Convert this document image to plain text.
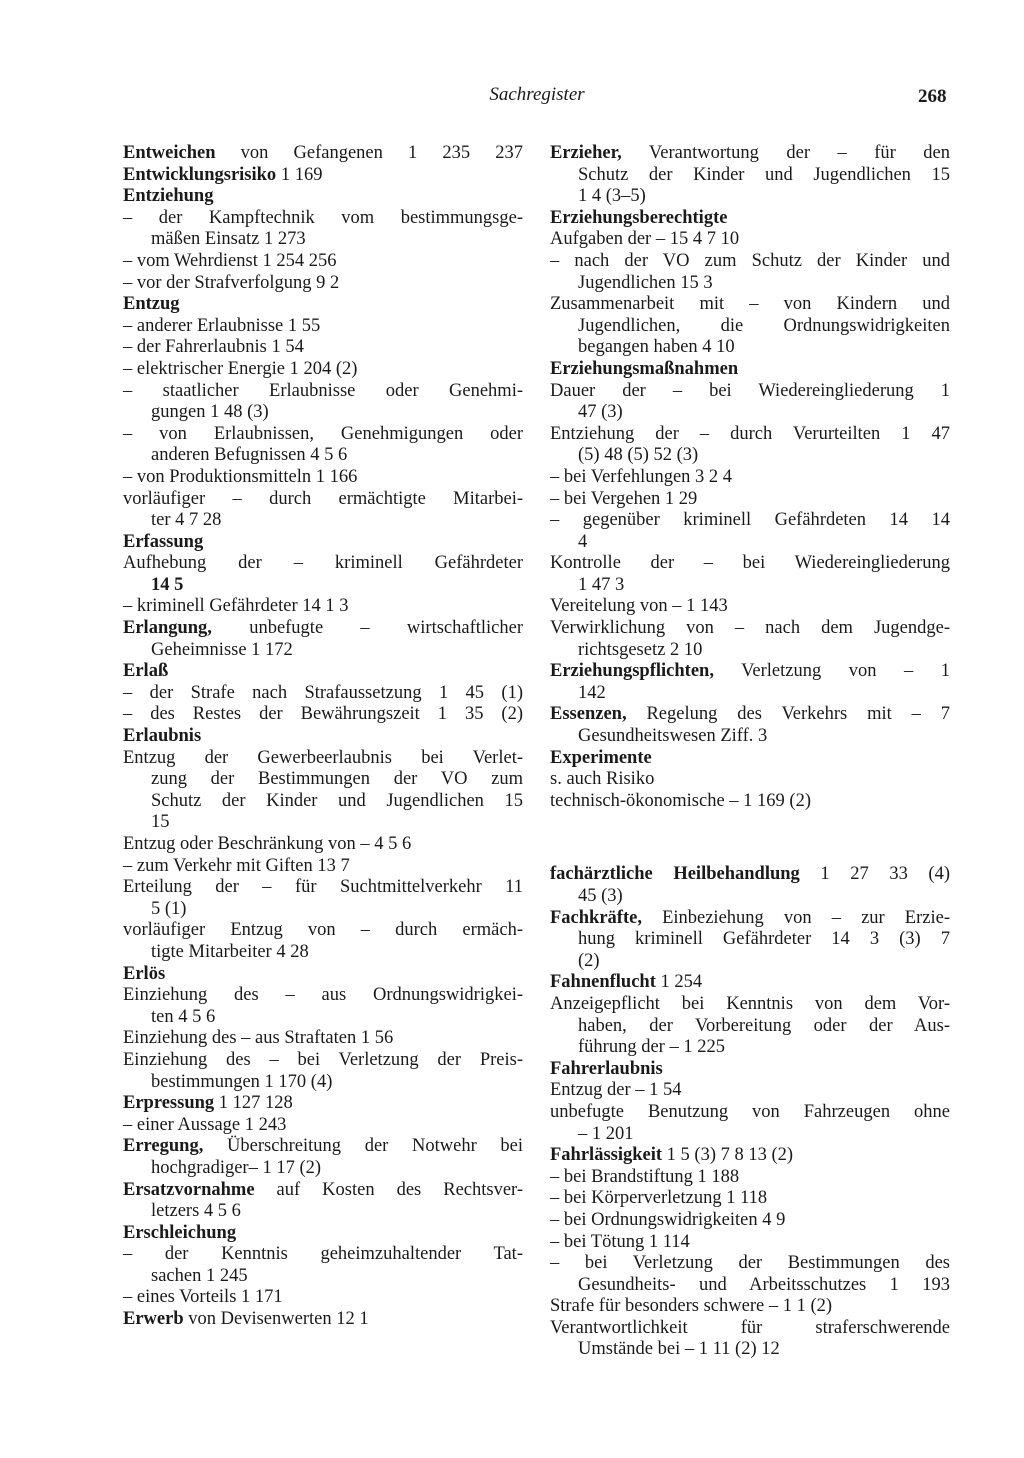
Sachregister	268
Entweichen von Gefangenen 1 235 237
Entwicklungsrisiko 1 169
Entziehung
– der Kampftechnik vom bestimmungsge-
mäßen Einsatz 1 273
– vom Wehrdienst 1 254 256
– vor der Strafverfolgung 9 2
Entzug
– anderer Erlaubnisse 1 55
– der Fahrerlaubnis 1 54
– elektrischer Energie 1 204 (2)
– staatlicher Erlaubnisse oder Genehmi-
gungen 1 48 (3)
– von Erlaubnissen, Genehmigungen oder
anderen Befugnissen 4 5 6
– von Produktionsmitteln 1 166
vorläufiger – durch ermächtigte Mitarbei-
ter 4 7 28
Erfassung
Aufhebung der – kriminell Gefährdeter
14 5
– kriminell Gefährdeter 14 1 3
Erlangung, unbefugte – wirtschaftlicher
Geheimnisse 1 172
Erlaß
– der Strafe nach Strafaussetzung 1 45 (1)
– des Restes der Bewährungszeit 1 35 (2)
Erlaubnis
Entzug der Gewerbeerlaubnis bei Verlet-
zung der Bestimmungen der VO zum
Schutz der Kinder und Jugendlichen 15
15
Entzug oder Beschränkung von – 4 5 6
– zum Verkehr mit Giften 13 7
Erteilung der – für Suchtmittelverkehr 11
5 (1)
vorläufiger Entzug von – durch ermäch-
tigte Mitarbeiter 4 28
Erlös
Einziehung des – aus Ordnungswidrigkei-
ten 4 5 6
Einziehung des – aus Straftaten 1 56
Einziehung des – bei Verletzung der Preis-
bestimmungen 1 170 (4)
Erpressung 1 127 128
– einer Aussage 1 243
Erregung, Überschreitung der Notwehr bei
hochgradiger– 1 17 (2)
Ersatzvornahme auf Kosten des Rechtsver-
letzers 4 5 6
Erschleichung
– der Kenntnis geheimzuhaltender Tat-
sachen 1 245
– eines Vorteils 1 171
Erwerb von Devisenwerten 12 1
Erzieher, Verantwortung der – für den
Schutz der Kinder und Jugendlichen 15
1 4 (3–5)
Erziehungsberechtigte
Aufgaben der – 15 4 7 10
– nach der VO zum Schutz der Kinder und
Jugendlichen 15 3
Zusammenarbeit mit – von Kindern und
Jugendlichen, die Ordnungswidrigkeiten
begangen haben 4 10
Erziehungsmaßnahmen
Dauer der – bei Wiedereingliederung 1
47 (3)
Entziehung der – durch Verurteilten 1 47
(5) 48 (5) 52 (3)
– bei Verfehlungen 3 2 4
– bei Vergehen 1 29
– gegenüber kriminell Gefährdeten 14 14
4
Kontrolle der – bei Wiedereingliederung
1 47 3
Vereitelung von – 1 143
Verwirklichung von – nach dem Jugendge-
richtsgesetz 2 10
Erziehungspflichten, Verletzung von – 1
142
Essenzen, Regelung des Verkehrs mit – 7
Gesundheitswesen Ziff. 3
Experimente
s. auch Risiko
technisch-ökonomische – 1 169 (2)
fachärztliche Heilbehandlung 1 27 33 (4)
45 (3)
Fachkräfte, Einbeziehung von – zur Erzie-
hung kriminell Gefährdeter 14 3 (3) 7
(2)
Fahnenflucht 1 254
Anzeigepflicht bei Kenntnis von dem Vor-
haben, der Vorbereitung oder der Aus-
führung der – 1 225
Fahrerlaubnis
Entzug der – 1 54
unbefugte Benutzung von Fahrzeugen ohne
– 1 201
Fahrlässigkeit 1 5 (3) 7 8 13 (2)
– bei Brandstiftung 1 188
– bei Körperverletzung 1 118
– bei Ordnungswidrigkeiten 4 9
– bei Tötung 1 114
– bei Verletzung der Bestimmungen des
Gesundheits- und Arbeitsschutzes 1 193
Strafe für besonders schwere – 1 1 (2)
Verantwortlichkeit für straferschwerende
Umstände bei – 1 11 (2) 12
